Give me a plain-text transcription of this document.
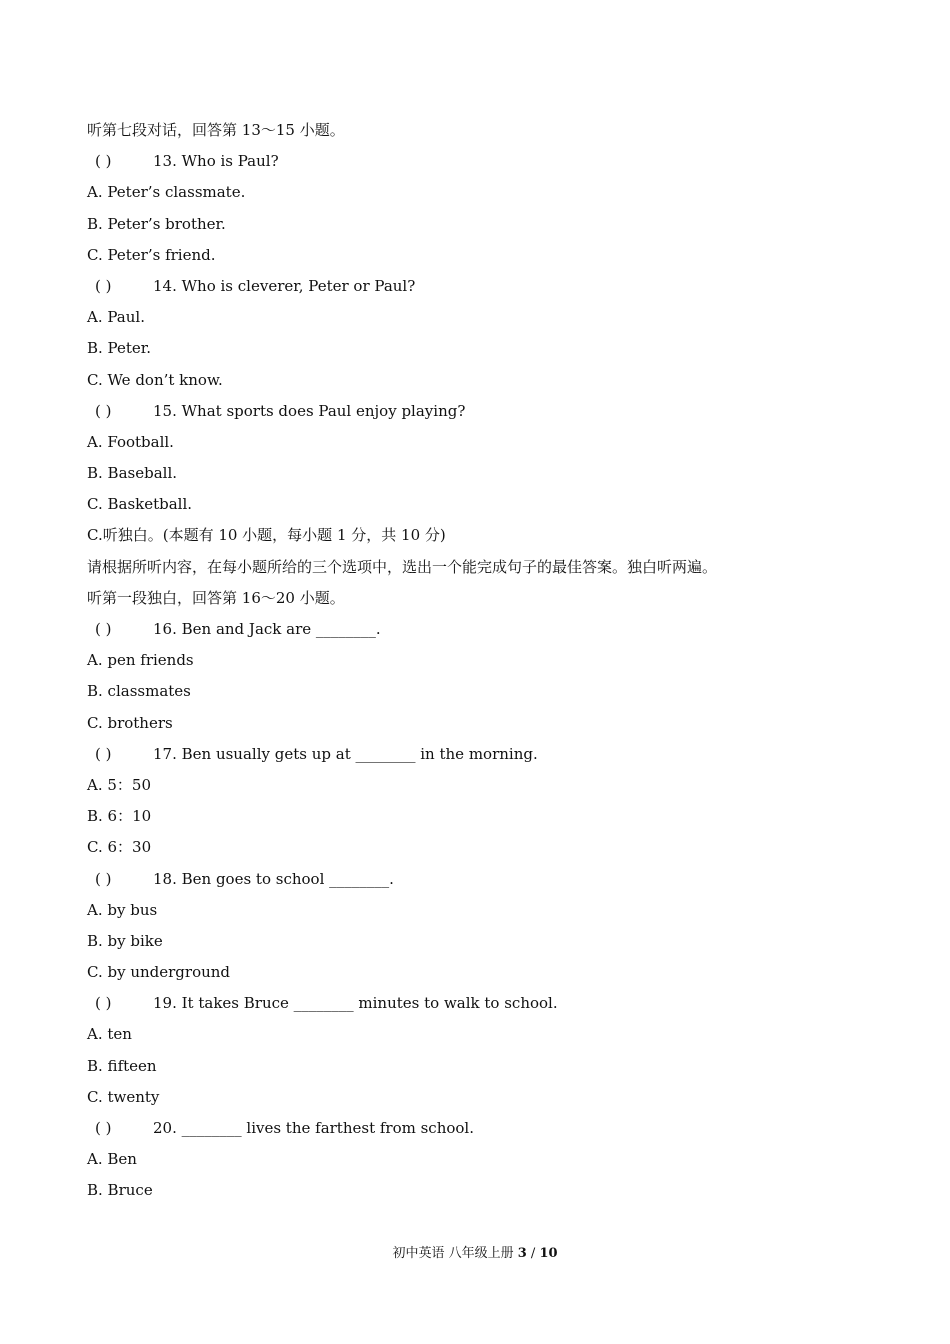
听第七段对话，回答第 13～15 小题。
( )	13. Who is Paul?
A. Peter’s classmate.
B. Peter’s brother.
C. Peter’s friend.
( )	14. Who is cleverer, Peter or Paul?
A. Paul.
B. Peter.
C. We don’t know.
( )	15. What sports does Paul enjoy playing?
A. Football.
B. Baseball.
C. Basketball.
C.听独白。(本题有 10 小题，每小题 1 分，共 10 分)
请根据所听内容，在每小题所给的三个选项中，选出一个能完成句子的最佳答案。独白听两遍。
听第一段独白，回答第 16～20 小题。
( )	16. Ben and Jack are ________.
A. pen friends
B. classmates
C. brothers
( )	17. Ben usually gets up at ________ in the morning.
A. 5：50
B. 6：10
C. 6：30
( )	18. Ben goes to school ________.
A. by bus
B. by bike
C. by underground
( )	19. It takes Bruce ________ minutes to walk to school.
A. ten
B. fifteen
C. twenty
( )	20. ________ lives the farthest from school.
A. Ben
B. Bruce
初中英语 八年级上册 3 / 10
